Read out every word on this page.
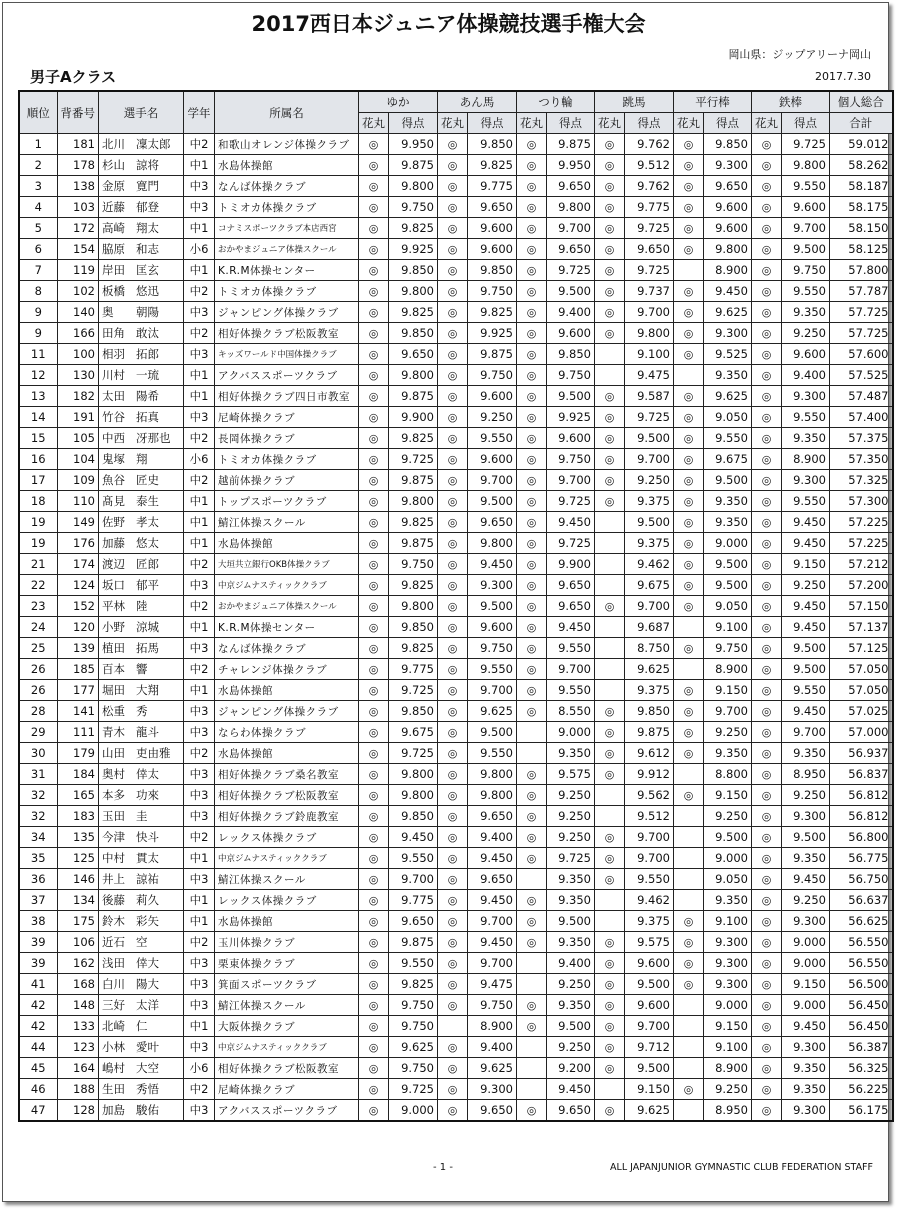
2017西日本ジュニア体操競技選手権大会
岡山県：ジップアリーナ岡山
男子Aクラス	2017.7.30
順位	背番号	選手名	学年	所属名	ゆか		あん馬		つり輪		跳馬		平行棒		鉄棒		個人総合
					花丸	得点	花丸	得点	花丸	得点	花丸	得点	花丸	得点	花丸	得点	合計
1	181	北川 凜太郎	中2	和歌山オレンジ体操クラブ	◎	9.950	◎	9.850	◎	9.875	◎	9.762	◎	9.850	◎	9.725	59.012
2	178	杉山 諒将	中1	水島体操館	◎	9.875	◎	9.825	◎	9.950	◎	9.512	◎	9.300	◎	9.800	58.262
3	138	金原 寛門	中3	なんば体操クラブ	◎	9.800	◎	9.775	◎	9.650	◎	9.762	◎	9.650	◎	9.550	58.187
4	103	近藤 郁登	中3	トミオカ体操クラブ	◎	9.750	◎	9.650	◎	9.800	◎	9.775	◎	9.600	◎	9.600	58.175
5	172	高崎 翔太	中1	コナミスポーツクラブ本店西宮	◎	9.825	◎	9.600	◎	9.700	◎	9.725	◎	9.600	◎	9.700	58.150
6	154	脇原 和志	小6	おかやまジュニア体操スクール	◎	9.925	◎	9.600	◎	9.650	◎	9.650	◎	9.800	◎	9.500	58.125
7	119	岸田 匡玄	中1	K.R.M体操センター	◎	9.850	◎	9.850	◎	9.725	◎	9.725		8.900	◎	9.750	57.800
8	102	板橋 悠迅	中2	トミオカ体操クラブ	◎	9.800	◎	9.750	◎	9.500	◎	9.737	◎	9.450	◎	9.550	57.787
9	140	奥 朝陽	中3	ジャンピング体操クラブ	◎	9.825	◎	9.825	◎	9.400	◎	9.700	◎	9.625	◎	9.350	57.725
9	166	田角 敢汰	中2	相好体操クラブ松阪教室	◎	9.850	◎	9.925	◎	9.600	◎	9.800	◎	9.300	◎	9.250	57.725
11	100	相羽 拓郎	中3	キッズワールド中国体操クラブ	◎	9.650	◎	9.875	◎	9.850		9.100	◎	9.525	◎	9.600	57.600
12	130	川村 一琉	中1	アクバススポーツクラブ	◎	9.800	◎	9.750	◎	9.750		9.475		9.350	◎	9.400	57.525
13	182	太田 陽希	中1	相好体操クラブ四日市教室	◎	9.875	◎	9.600	◎	9.500	◎	9.587	◎	9.625	◎	9.300	57.487
14	191	竹谷 拓真	中3	尼崎体操クラブ	◎	9.900	◎	9.250	◎	9.925	◎	9.725	◎	9.050	◎	9.550	57.400
15	105	中西 冴那也	中2	長岡体操クラブ	◎	9.825	◎	9.550	◎	9.600	◎	9.500	◎	9.550	◎	9.350	57.375
16	104	鬼塚 翔	小6	トミオカ体操クラブ	◎	9.725	◎	9.600	◎	9.750	◎	9.700	◎	9.675	◎	8.900	57.350
17	109	魚谷 匠史	中2	越前体操クラブ	◎	9.875	◎	9.700	◎	9.700	◎	9.250	◎	9.500	◎	9.300	57.325
18	110	髙見 泰生	中1	トップスポーツクラブ	◎	9.800	◎	9.500	◎	9.725	◎	9.375	◎	9.350	◎	9.550	57.300
19	149	佐野 孝太	中1	鯖江体操スクール	◎	9.825	◎	9.650	◎	9.450		9.500	◎	9.350	◎	9.450	57.225
19	176	加藤 悠太	中1	水島体操館	◎	9.875	◎	9.800	◎	9.725		9.375	◎	9.000	◎	9.450	57.225
21	174	渡辺 匠郎	中2	大垣共立銀行OKB体操クラブ	◎	9.750	◎	9.450	◎	9.900		9.462	◎	9.500	◎	9.150	57.212
22	124	坂口 郁平	中3	中京ジムナスティッククラブ	◎	9.825	◎	9.300	◎	9.650		9.675	◎	9.500	◎	9.250	57.200
23	152	平林 陸	中2	おかやまジュニア体操スクール	◎	9.800	◎	9.500	◎	9.650	◎	9.700	◎	9.050	◎	9.450	57.150
24	120	小野 涼城	中1	K.R.M体操センター	◎	9.850	◎	9.600	◎	9.450		9.687		9.100	◎	9.450	57.137
25	139	植田 拓馬	中3	なんば体操クラブ	◎	9.825	◎	9.750	◎	9.550		8.750	◎	9.750	◎	9.500	57.125
26	185	百本 響	中2	チャレンジ体操クラブ	◎	9.775	◎	9.550	◎	9.700		9.625		8.900	◎	9.500	57.050
26	177	堀田 大翔	中1	水島体操館	◎	9.725	◎	9.700	◎	9.550		9.375	◎	9.150	◎	9.550	57.050
28	141	松重 秀	中3	ジャンピング体操クラブ	◎	9.850	◎	9.625	◎	8.550	◎	9.850	◎	9.700	◎	9.450	57.025
29	111	青木 龍斗	中3	ならわ体操クラブ	◎	9.675	◎	9.500		9.000	◎	9.875	◎	9.250	◎	9.700	57.000
30	179	山田 吏由雅	中2	水島体操館	◎	9.725	◎	9.550		9.350	◎	9.612	◎	9.350	◎	9.350	56.937
31	184	奥村 倖太	中3	相好体操クラブ桑名教室	◎	9.800	◎	9.800	◎	9.575	◎	9.912		8.800	◎	8.950	56.837
32	165	本多 功來	中3	相好体操クラブ松阪教室	◎	9.800	◎	9.800	◎	9.250		9.562	◎	9.150	◎	9.250	56.812
32	183	玉田 圭	中3	相好体操クラブ鈴鹿教室	◎	9.850	◎	9.650	◎	9.250		9.512		9.250	◎	9.300	56.812
34	135	今津 快斗	中2	レックス体操クラブ	◎	9.450	◎	9.400	◎	9.250	◎	9.700		9.500	◎	9.500	56.800
35	125	中村 貫太	中1	中京ジムナスティッククラブ	◎	9.550	◎	9.450	◎	9.725	◎	9.700		9.000	◎	9.350	56.775
36	146	井上 諒祐	中3	鯖江体操スクール	◎	9.700	◎	9.650		9.350	◎	9.550		9.050	◎	9.450	56.750
37	134	後藤 莉久	中1	レックス体操クラブ	◎	9.775	◎	9.450	◎	9.350		9.462		9.350	◎	9.250	56.637
38	175	鈴木 彩矢	中1	水島体操館	◎	9.650	◎	9.700	◎	9.500		9.375	◎	9.100	◎	9.300	56.625
39	106	近石 空	中2	玉川体操クラブ	◎	9.875	◎	9.450	◎	9.350	◎	9.575	◎	9.300	◎	9.000	56.550
39	162	浅田 倖大	中3	栗東体操クラブ	◎	9.550	◎	9.700		9.400	◎	9.600	◎	9.300	◎	9.000	56.550
41	168	白川 陽大	中3	箕面スポーツクラブ	◎	9.825	◎	9.475		9.250	◎	9.500	◎	9.300	◎	9.150	56.500
42	148	三好 太洋	中3	鯖江体操スクール	◎	9.750	◎	9.750	◎	9.350	◎	9.600		9.000	◎	9.000	56.450
42	133	北崎 仁	中1	大阪体操クラブ	◎	9.750		8.900	◎	9.500	◎	9.700		9.150	◎	9.450	56.450
44	123	小林 愛叶	中3	中京ジムナスティッククラブ	◎	9.625	◎	9.400		9.250	◎	9.712		9.100	◎	9.300	56.387
45	164	嶋村 大空	小6	相好体操クラブ松阪教室	◎	9.750	◎	9.625		9.200	◎	9.500		8.900	◎	9.350	56.325
46	188	生田 秀悟	中2	尼崎体操クラブ	◎	9.725	◎	9.300		9.450		9.150	◎	9.250	◎	9.350	56.225
47	128	加島 駿佑	中3	アクバススポーツクラブ	◎	9.000	◎	9.650	◎	9.650	◎	9.625		8.950	◎	9.300	56.175
- 1 -	ALL JAPANJUNIOR GYMNASTIC CLUB FEDERATION STAFF
